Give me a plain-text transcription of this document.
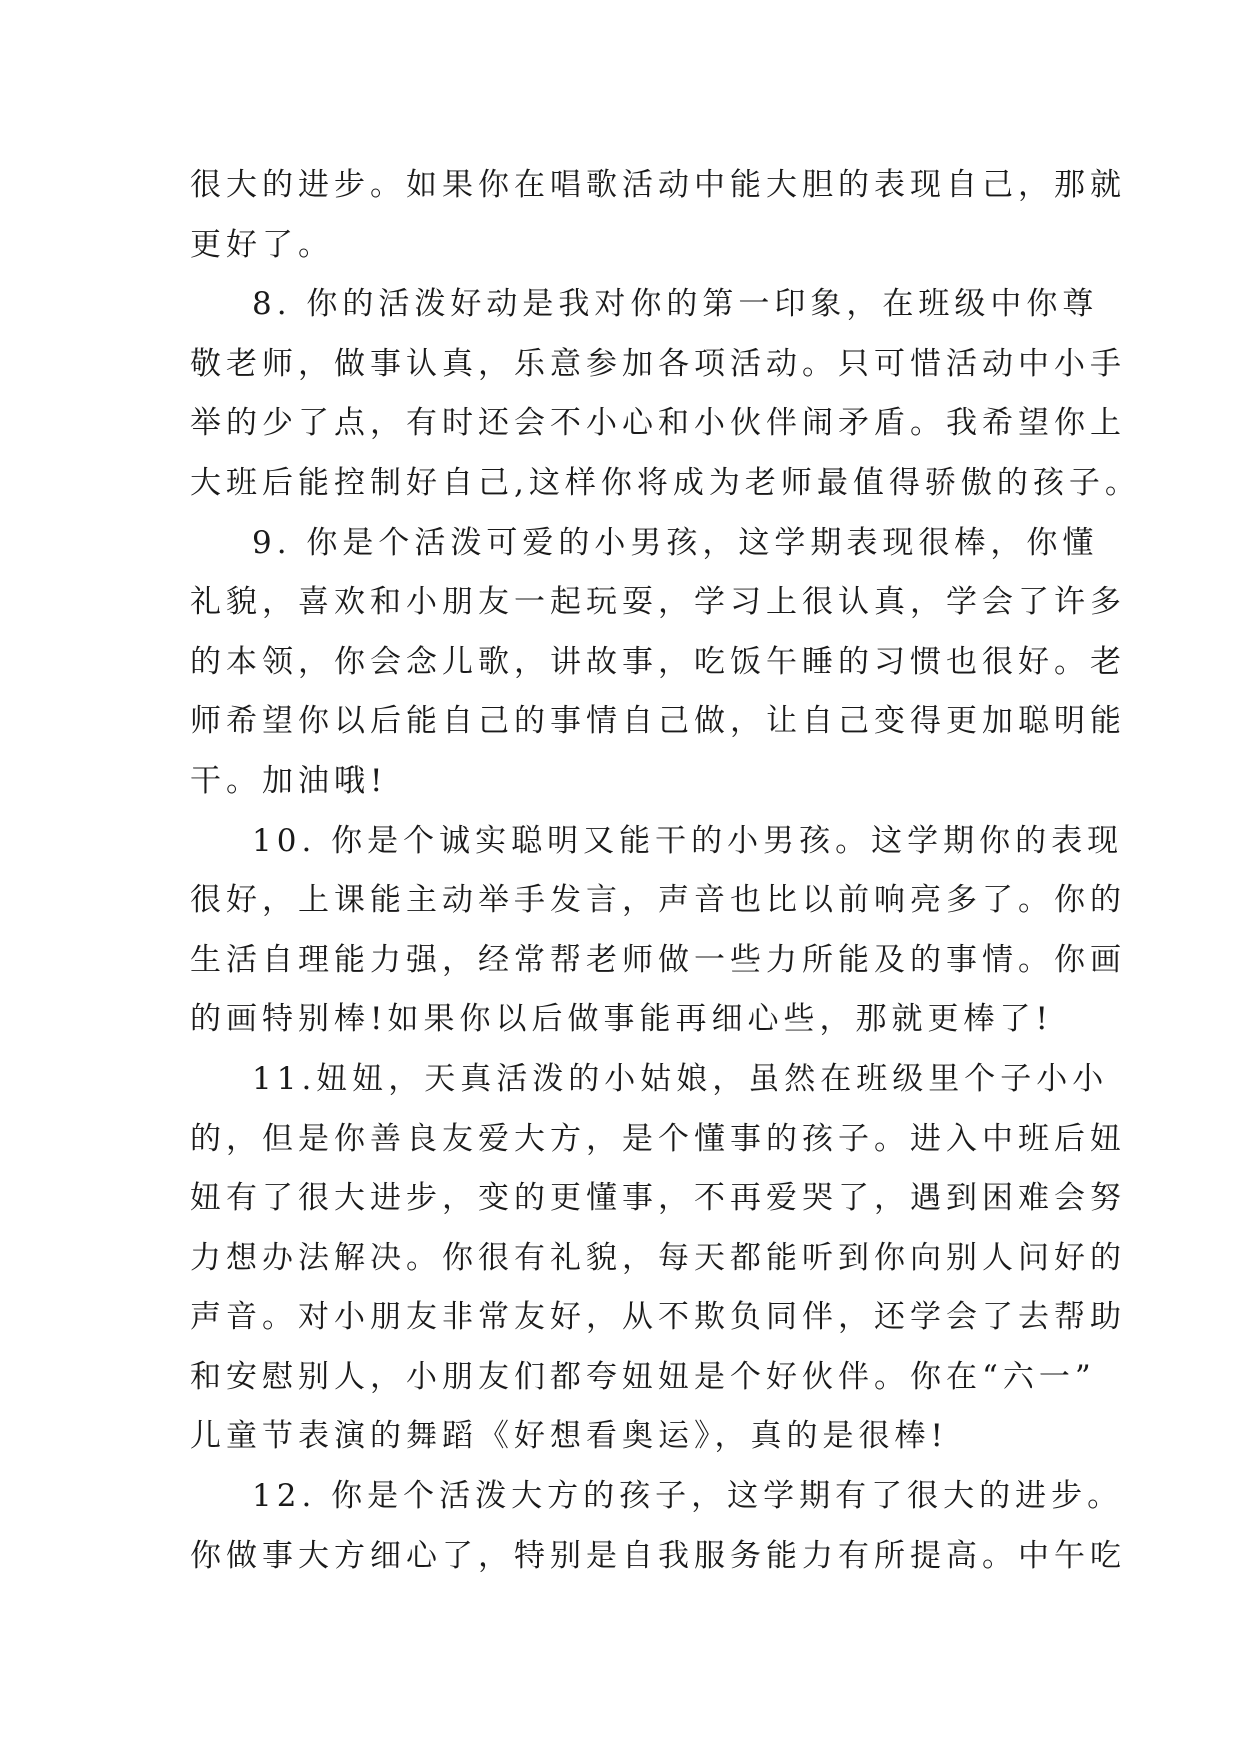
很大的进步。如果你在唱歌活动中能大胆的表现自己，那就
更好了。
8. 你的活泼好动是我对你的第一印象，在班级中你尊
敬老师，做事认真，乐意参加各项活动。只可惜活动中小手
举的少了点，有时还会不小心和小伙伴闹矛盾。我希望你上
大班后能控制好自己,这样你将成为老师最值得骄傲的孩子。
9. 你是个活泼可爱的小男孩，这学期表现很棒，你懂
礼貌，喜欢和小朋友一起玩耍，学习上很认真，学会了许多
的本领，你会念儿歌，讲故事，吃饭午睡的习惯也很好。老
师希望你以后能自己的事情自己做，让自己变得更加聪明能
干。加油哦!
10. 你是个诚实聪明又能干的小男孩。这学期你的表现
很好，上课能主动举手发言，声音也比以前响亮多了。你的
生活自理能力强，经常帮老师做一些力所能及的事情。你画
的画特别棒!如果你以后做事能再细心些，那就更棒了!
11.妞妞，天真活泼的小姑娘，虽然在班级里个子小小
的，但是你善良友爱大方，是个懂事的孩子。进入中班后妞
妞有了很大进步，变的更懂事，不再爱哭了，遇到困难会努
力想办法解决。你很有礼貌，每天都能听到你向别人问好的
声音。对小朋友非常友好，从不欺负同伴，还学会了去帮助
和安慰别人，小朋友们都夸妞妞是个好伙伴。你在“六一”
儿童节表演的舞蹈《好想看奥运》，真的是很棒!
12. 你是个活泼大方的孩子，这学期有了很大的进步。
你做事大方细心了，特别是自我服务能力有所提高。中午吃
